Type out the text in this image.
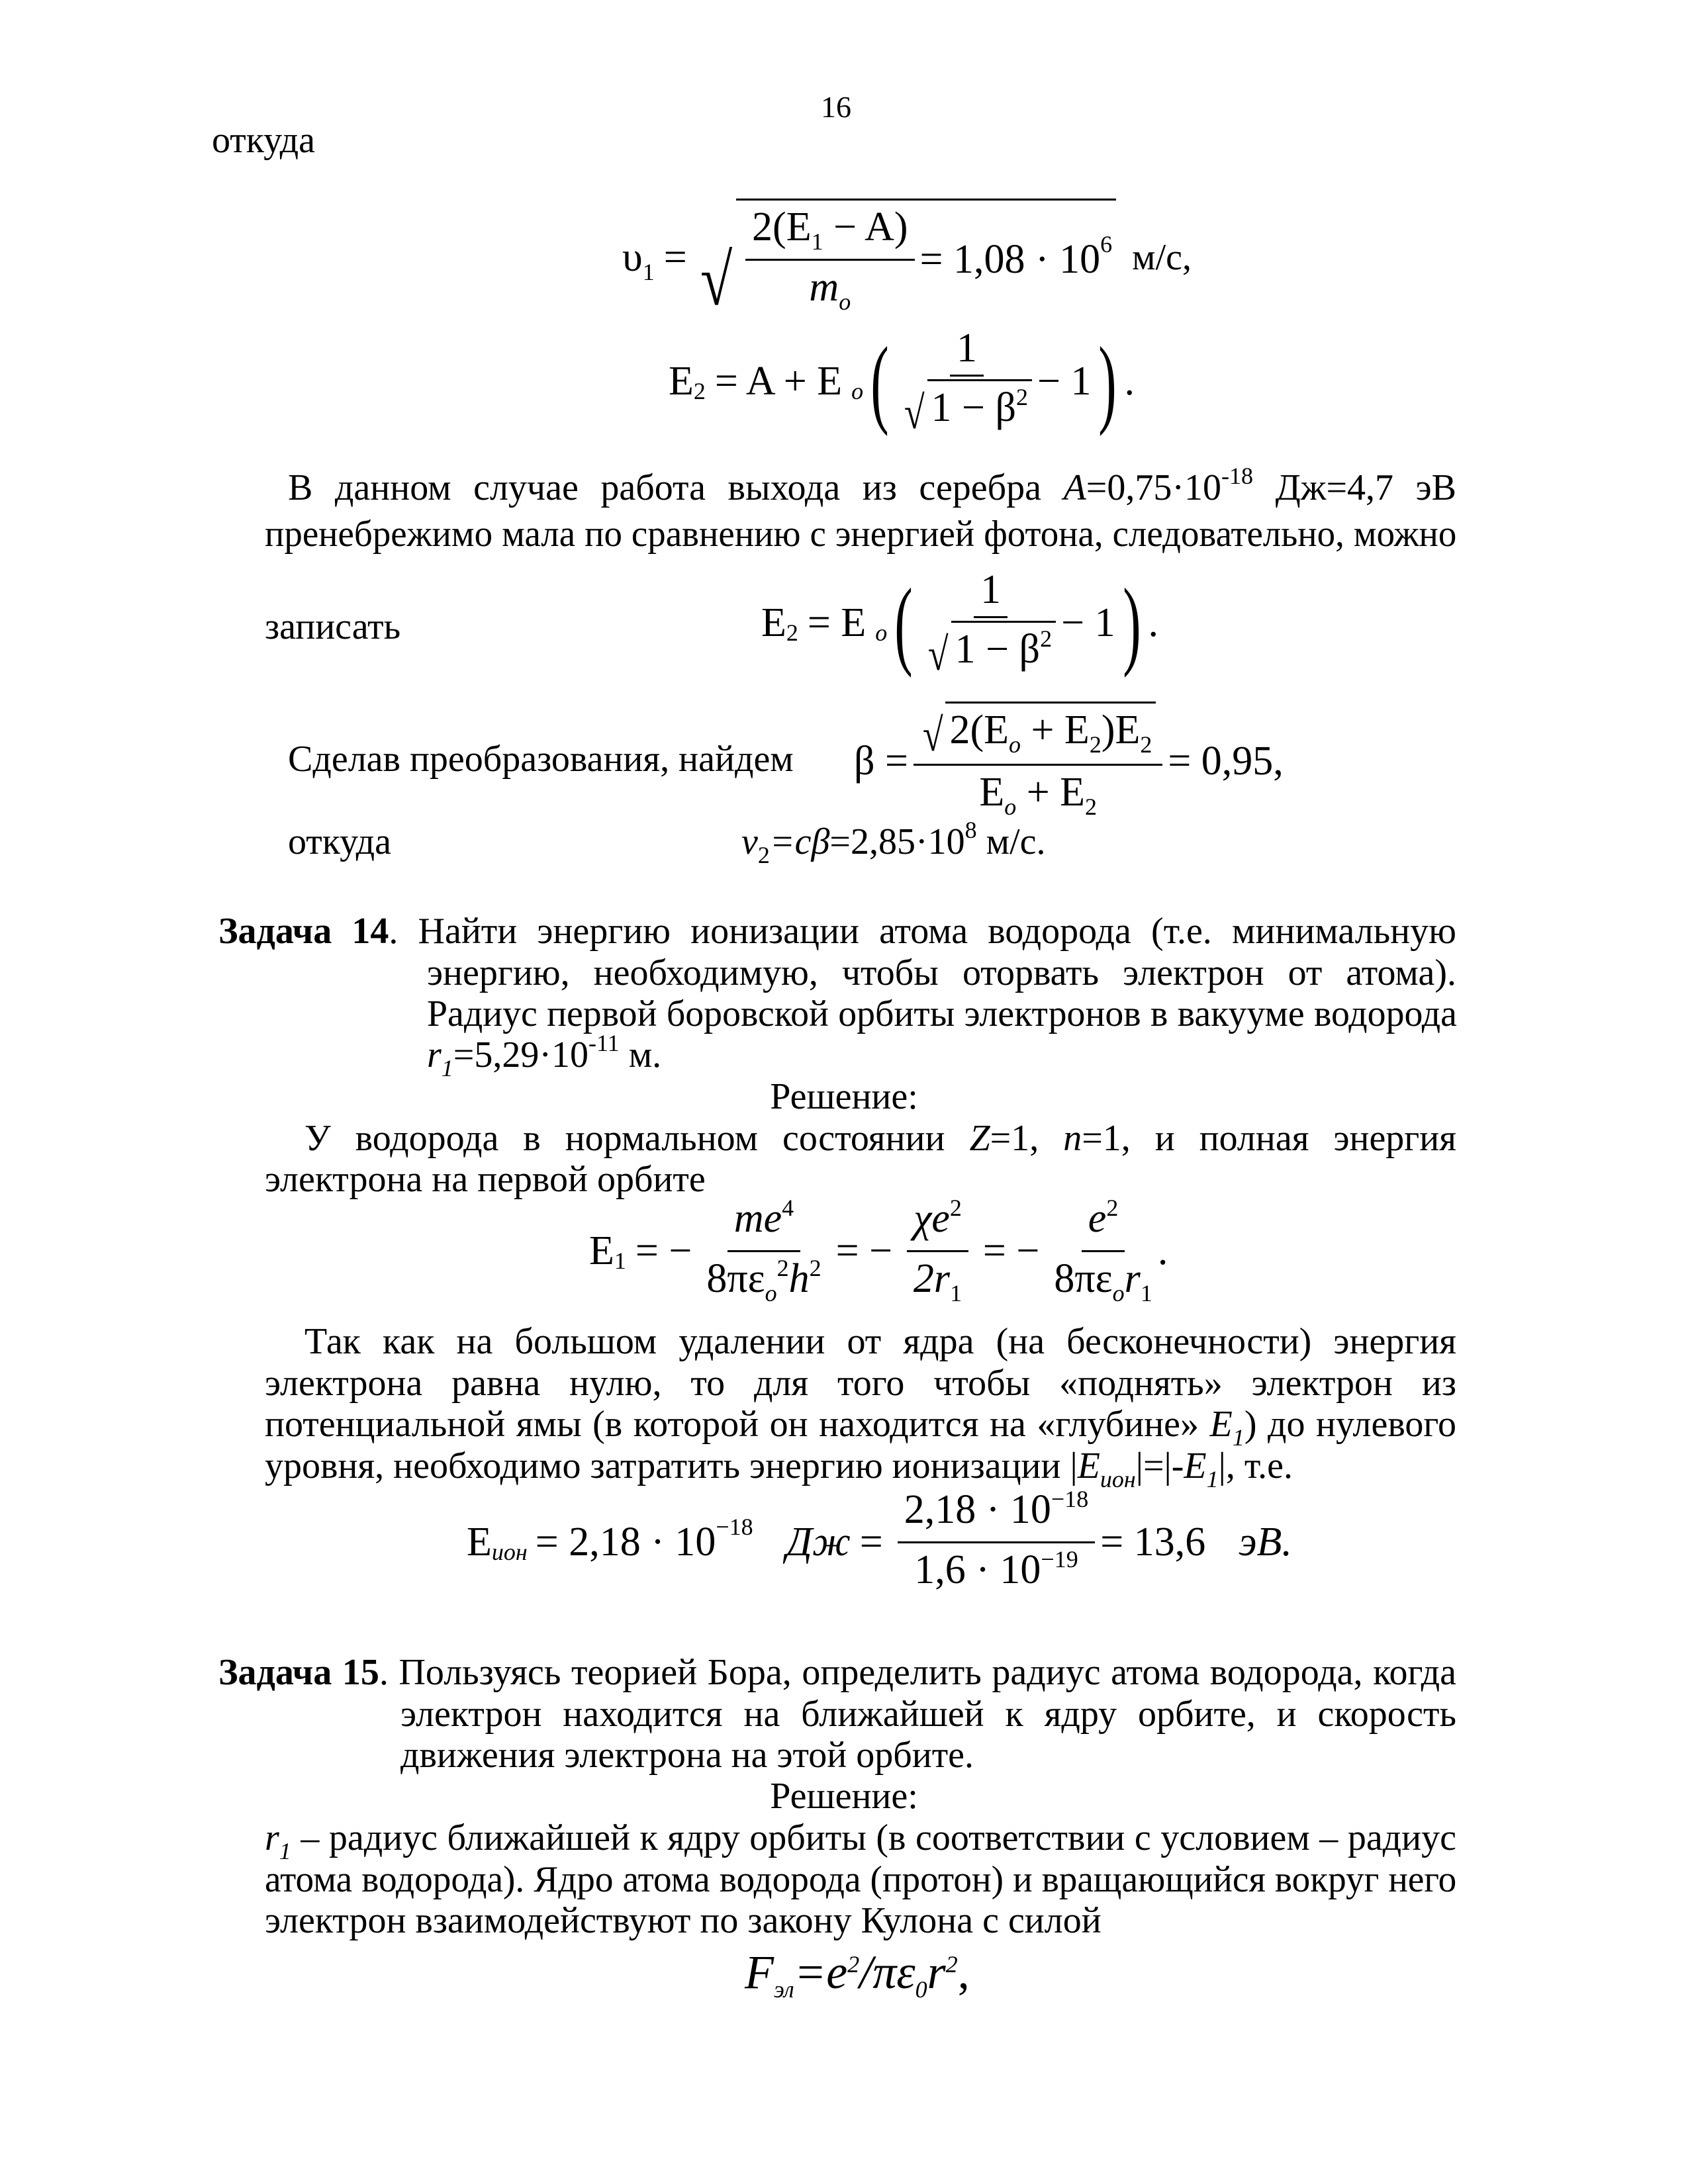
16
откуда
$\upsilon_1$ = √ $\frac{2(E_1 - A)}{m_o} = 1,08 \cdot 10^6$ м/с,
$E_2 = A + E$ $_o$ ( $\frac{1}{√ 1 - \beta^2} - 1$ ) .
В данном случае работа выхода из серебра $A=0,75\cdot 10^{-18}$ Дж=4,7 эВ
пренебрежимо мала по сравнению с энергией фотона, следовательно, можно
записать	$E_2 = E$ $_o$ ( $\frac{1}{√ 1 - \beta^2} - 1$ ) .
Сделав преобразования, найдем $\beta = \frac{√ 2(E_o + E_2)E_2}{E_o + E_2} = 0,95$,
откуда	$v_2=c\beta=2,85\cdot 10^8$ м/с.
Задача 14. Найти энергию ионизации атома водорода (т.е. минимальную
энергию, необходимую, чтобы оторвать электрон от атома).
Радиус первой боровской орбиты электронов в вакууме водорода
$r_1=5,29\cdot 10^{-11}$ м.
Решение:
У водорода в нормальном состоянии Z=1, n=1, и полная энергия
электрона на первой орбите
$E_1$ = − $\frac{me^4}{8\pi\varepsilon_o^2h^2}$ = − $\frac{\chi e^2}{2r_1}$ = − $\frac{e^2}{8\pi\varepsilon_or_1}$ .
Так как на большом удалении от ядра (на бесконечности) энергия
электрона равна нулю, то для того чтобы «поднять» электрон из
потенциальной ямы (в которой он находится на «глубине» $E_1$) до нулевого
уровня, необходимо затратить энергию ионизации $|E_{ион}|=|-E_1|$, т.е.
E $_{ион} = 2,18 \cdot 10^{-18}$ Дж = $\frac{2,18 \cdot 10^{-18}}{1,6 \cdot 10^{-19}} = 13,6$ эВ.
Задача 15. Пользуясь теорией Бора, определить радиус атома водорода, когда
электрон находится на ближайшей к ядру орбите, и скорость
движения электрона на этой орбите.
Решение:
$r_1$ – радиус ближайшей к ядру орбиты (в соответствии с условием – радиус
атома водорода). Ядро атома водорода (протон) и вращающийся вокруг него
электрон взаимодействуют по закону Кулона с силой
$F_{эл}=e^2/\pi\varepsilon_0r^2$,
